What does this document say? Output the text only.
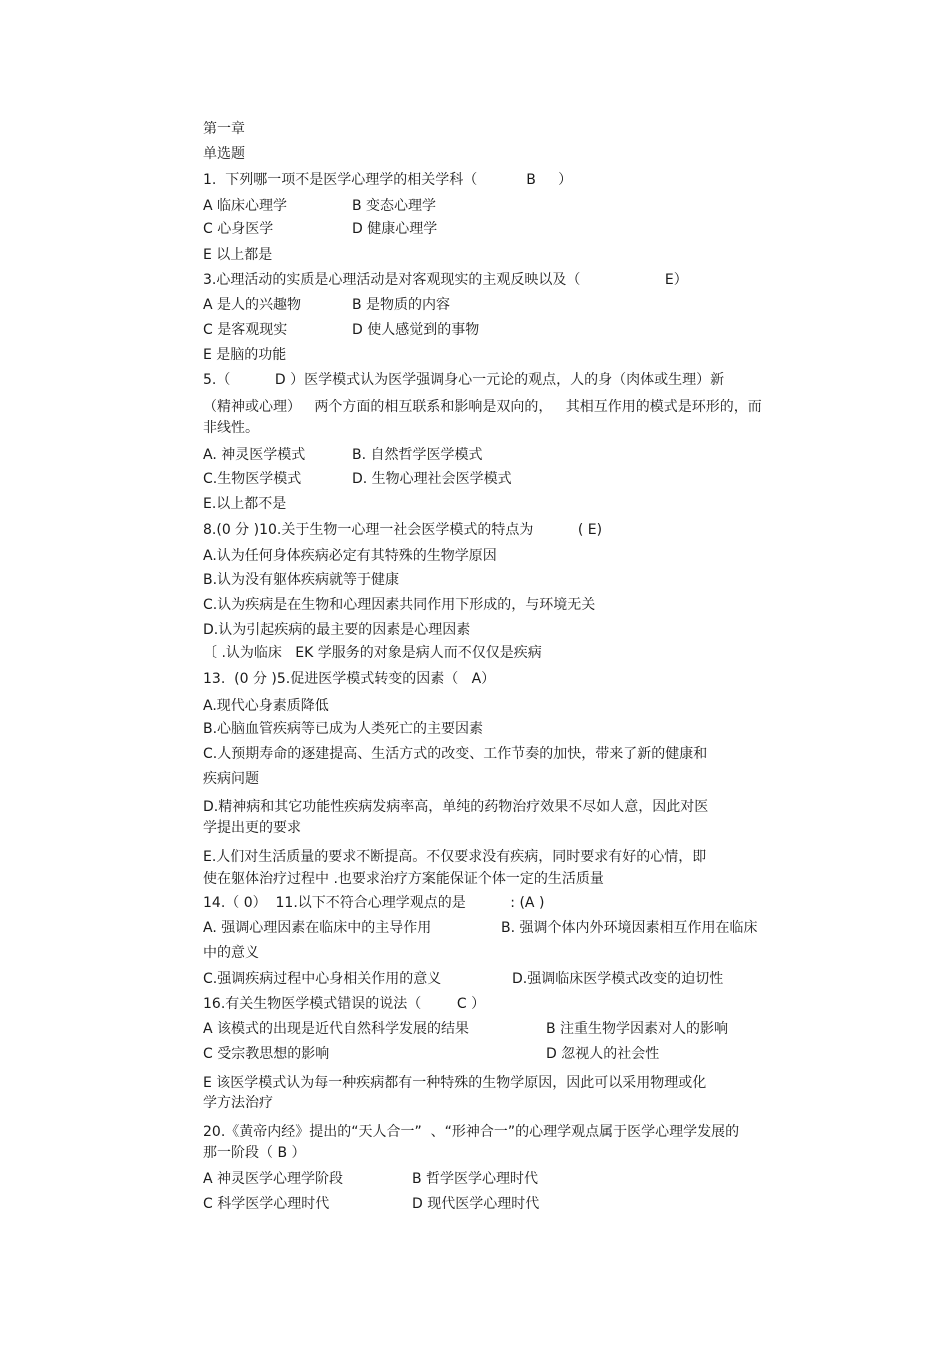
第一章
单选题
1.  下列哪一项不是医学心理学的相关学科（           B     ）
A 临床心理学	B 变态心理学
C 心身医学	D 健康心理学
E 以上都是
3.心理活动的实质是心理活动是对客观现实的主观反映以及（                   E）
A 是人的兴趣物	B 是物质的内容
C 是客观现实	D 使人感觉到的事物
E 是脑的功能
5.（          D ）医学模式认为医学强调身心一元论的观点，人的身（肉体或生理）新
（精神或心理）   两个方面的相互联系和影响是双向的，   其相互作用的模式是环形的，而
非线性。
A. 神灵医学模式	B. 自然哲学医学模式
C.生物医学模式	D. 生物心理社会医学模式
E.以上都不是
8.(0 分 )10.关于生物一心理一社会医学模式的特点为          ( E)
A.认为任何身体疾病必定有其特殊的生物学原因
B.认为没有躯体疾病就等于健康
C.认为疾病是在生物和心理因素共同作用下形成的，与环境无关
D.认为引起疾病的最主要的因素是心理因素
〔 .认为临床   EK 学服务的对象是病人而不仅仅是疾病
13.  (0 分 )5.促进医学模式转变的因素（   A）
A.现代心身素质降低
B.心脑血管疾病等已成为人类死亡的主要因素
C.人预期寿命的逐建提高、生活方式的改变、工作节奏的加快，带来了新的健康和
疾病问题
D.精神病和其它功能性疾病发病率高，单纯的药物治疗效果不尽如人意，因此对医
学提出更的要求
E.人们对生活质量的要求不断提高。不仅要求没有疾病，同时要求有好的心情，即
使在躯体治疗过程中 .也要求治疗方案能保证个体一定的生活质量
14.（ 0）  11.以下不符合心理学观点的是          : (A )
A. 强调心理因素在临床中的主导作用	B. 强调个体内外环境因素相互作用在临床
中的意义
C.强调疾病过程中心身相关作用的意义	D.强调临床医学模式改变的迫切性
16.有关生物医学模式错误的说法（        C ）
A 该模式的出现是近代自然科学发展的结果	B 注重生物学因素对人的影响
C 受宗教思想的影响	D 忽视人的社会性
E 该医学模式认为每一种疾病都有一种特殊的生物学原因，因此可以采用物理或化
学方法治疗
20.《黄帝内经》提出的“天人合一”  、“形神合一”的心理学观点属于医学心理学发展的
那一阶段（ B ）
A 神灵医学心理学阶段	B 哲学医学心理时代
C 科学医学心理时代	D 现代医学心理时代
